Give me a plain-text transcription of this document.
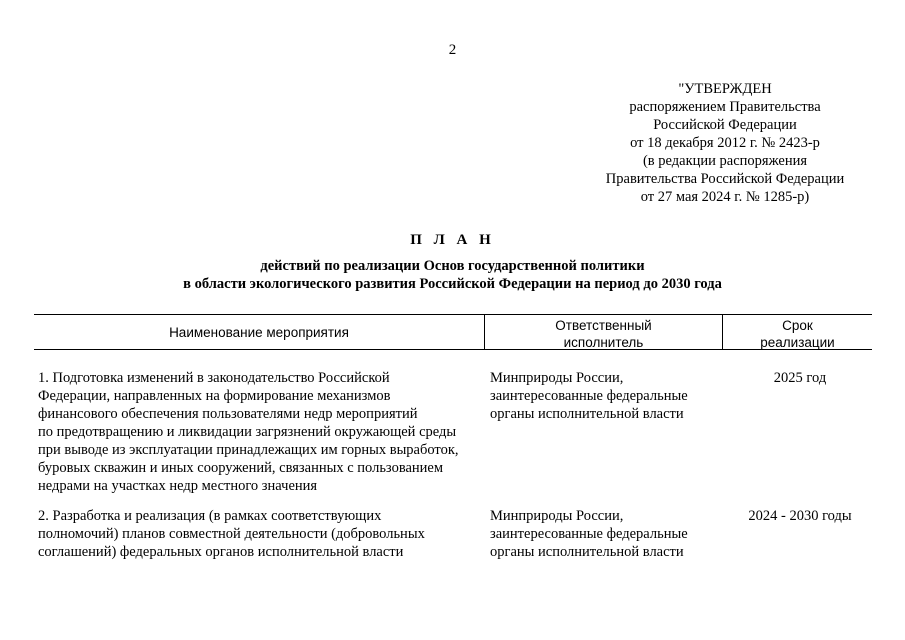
2
"УТВЕРЖДЕН
распоряжением Правительства
Российской Федерации
от 18 декабря 2012 г. № 2423-р
(в редакции распоряжения
Правительства Российской Федерации
от 27 мая 2024 г. № 1285-р)
П Л А Н
действий по реализации Основ государственной политики
в области экологического развития Российской Федерации на период до 2030 года
Наименование мероприятия	Ответственный
исполнитель
Срок
реализации
1. Подготовка изменений в законодательство Российской
Федерации, направленных на формирование механизмов
финансового обеспечения пользователями недр мероприятий
по предотвращению и ликвидации загрязнений окружающей среды
при выводе из эксплуатации принадлежащих им горных выработок,
буровых скважин и иных сооружений, связанных с пользованием
недрами на участках недр местного значения
Минприроды России,
заинтересованные федеральные
органы исполнительной власти
2025 год
2. Разработка и реализация (в рамках соответствующих
полномочий) планов совместной деятельности (добровольных
соглашений) федеральных органов исполнительной власти
Минприроды России,
заинтересованные федеральные
органы исполнительной власти
2024 - 2030 годы
